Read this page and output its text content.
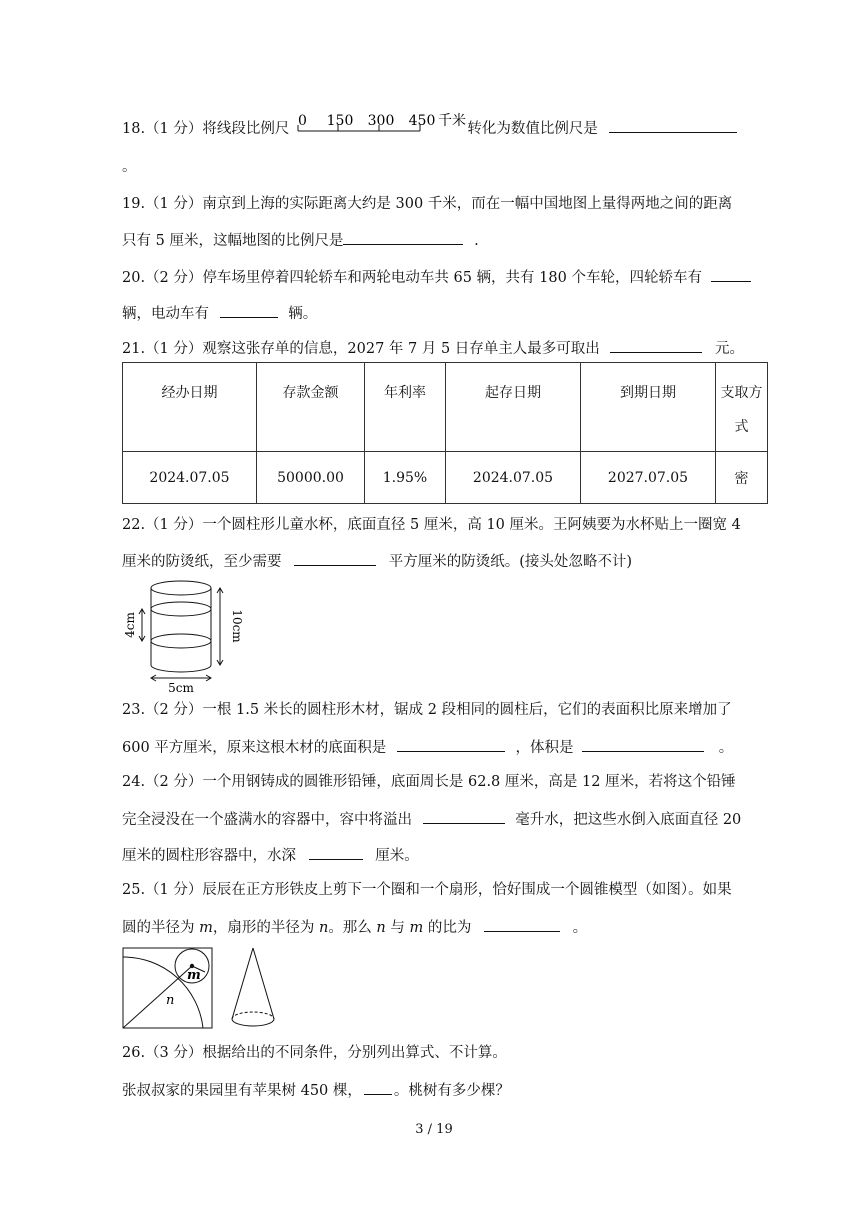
18.（1 分）将线段比例尺	转化为数值比例尺是
0 150 300 450 千米
。
19.（1 分）南京到上海的实际距离大约是 300 千米，而在一幅中国地图上量得两地之间的距离
只有 5 厘米，这幅地图的比例尺是	.
20.（2 分）停车场里停着四轮轿车和两轮电动车共 65 辆，共有 180 个车轮，四轮轿车有
辆，电动车有	辆。
21.（1 分）观察这张存单的信息，2027 年 7 月 5 日存单主人最多可取出	元。
经办日期	存款金额	年利率	起存日期	到期日期	支取方
式

2024.07.05	50000.00	1.95%	2024.07.05	2027.07.05	密
22.（1 分）一个圆柱形儿童水杯，底面直径 5 厘米，高 10 厘米。王阿姨要为水杯贴上一圈宽 4
厘米的防烫纸，至少需要	平方厘米的防烫纸。(接头处忽略不计)
4cm	10cm
5cm
23.（2 分）一根 1.5 米长的圆柱形木材，锯成 2 段相同的圆柱后，它们的表面积比原来增加了
600 平方厘米，原来这根木材的底面积是	，体积是	。
24.（2 分）一个用钢铸成的圆锥形铅锤，底面周长是 62.8 厘米，高是 12 厘米，若将这个铅锤
完全浸没在一个盛满水的容器中，容中将溢出	毫升水，把这些水倒入底面直径 20
厘米的圆柱形容器中，水深	厘米。
25.（1 分）辰辰在正方形铁皮上剪下一个圈和一个扇形，恰好围成一个圆锥模型（如图）。如果
圆的半径为 m，扇形的半径为 n。那么 n 与 m 的比为	。
m
n
26.（3 分）根据给出的不同条件，分别列出算式、不计算。
张叔叔家的果园里有苹果树 450 棵， 。桃树有多少棵？
3 / 19
